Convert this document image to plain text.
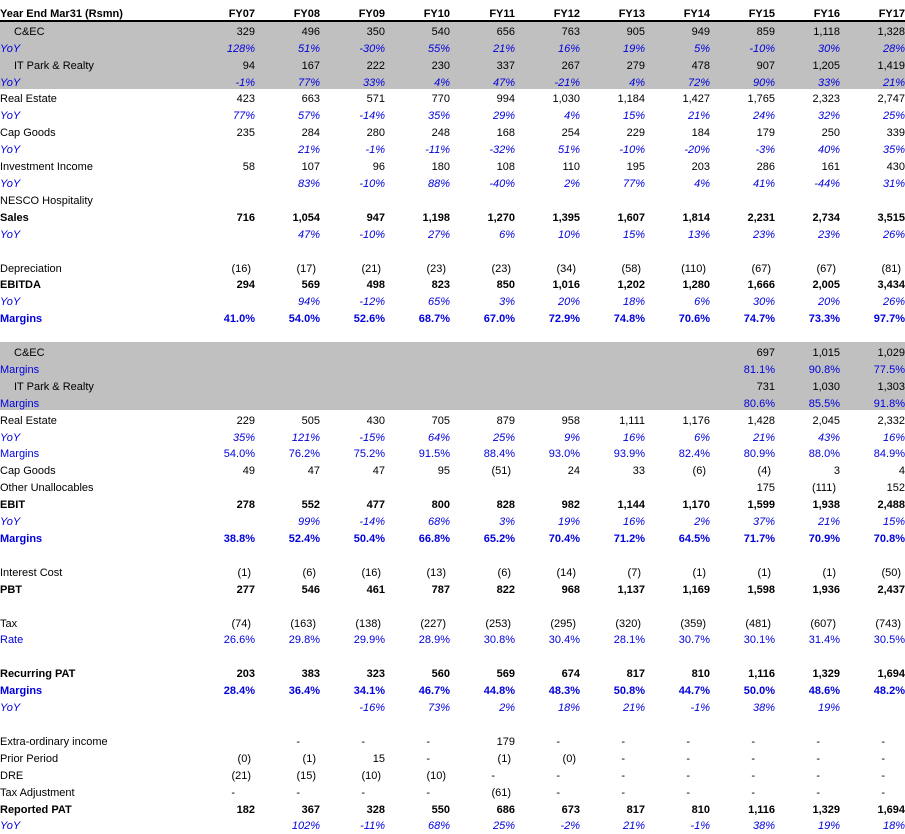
Year End Mar31 (Rsmn)	FY07	FY08	FY09	FY10	FY11	FY12	FY13	FY14	FY15	FY16	FY17
C&EC	329	496	350	540	656	763	905	949	859	1,118	1,328
YoY	128%	51%	-30%	55%	21%	16%	19%	5%	-10%	30%	28%
IT Park & Realty	94	167	222	230	337	267	279	478	907	1,205	1,419
YoY	-1%	77%	33%	4%	47%	-21%	4%	72%	90%	33%	21%
Real Estate	423	663	571	770	994	1,030	1,184	1,427	1,765	2,323	2,747
YoY	77%	57%	-14%	35%	29%	4%	15%	21%	24%	32%	25%
Cap Goods	235	284	280	248	168	254	229	184	179	250	339
YoY		21%	-1%	-11%	-32%	51%	-10%	-20%	-3%	40%	35%
Investment Income	58	107	96	180	108	110	195	203	286	161	430
YoY		83%	-10%	88%	-40%	2%	77%	4%	41%	-44%	31%
NESCO Hospitality											
Sales	716	1,054	947	1,198	1,270	1,395	1,607	1,814	2,231	2,734	3,515
YoY		47%	-10%	27%	6%	10%	15%	13%	23%	23%	26%

Depreciation	(16)	(17)	(21)	(23)	(23)	(34)	(58)	(110)	(67)	(67)	(81)
EBITDA	294	569	498	823	850	1,016	1,202	1,280	1,666	2,005	3,434
YoY		94%	-12%	65%	3%	20%	18%	6%	30%	20%	26%
Margins	41.0%	54.0%	52.6%	68.7%	67.0%	72.9%	74.8%	70.6%	74.7%	73.3%	97.7%

C&EC									697	1,015	1,029
Margins									81.1%	90.8%	77.5%
IT Park & Realty									731	1,030	1,303
Margins									80.6%	85.5%	91.8%
Real Estate	229	505	430	705	879	958	1,111	1,176	1,428	2,045	2,332
YoY	35%	121%	-15%	64%	25%	9%	16%	6%	21%	43%	16%
Margins	54.0%	76.2%	75.2%	91.5%	88.4%	93.0%	93.9%	82.4%	80.9%	88.0%	84.9%
Cap Goods	49	47	47	95	(51)	24	33	(6)	(4)	3	4
Other Unallocables									175	(111)	152
EBIT	278	552	477	800	828	982	1,144	1,170	1,599	1,938	2,488
YoY		99%	-14%	68%	3%	19%	16%	2%	37%	21%	15%
Margins	38.8%	52.4%	50.4%	66.8%	65.2%	70.4%	71.2%	64.5%	71.7%	70.9%	70.8%

Interest Cost	(1)	(6)	(16)	(13)	(6)	(14)	(7)	(1)	(1)	(1)	(50)
PBT	277	546	461	787	822	968	1,137	1,169	1,598	1,936	2,437

Tax	(74)	(163)	(138)	(227)	(253)	(295)	(320)	(359)	(481)	(607)	(743)
Rate	26.6%	29.8%	29.9%	28.9%	30.8%	30.4%	28.1%	30.7%	30.1%	31.4%	30.5%

Recurring PAT	203	383	323	560	569	674	817	810	1,116	1,329	1,694
Margins	28.4%	36.4%	34.1%	46.7%	44.8%	48.3%	50.8%	44.7%	50.0%	48.6%	48.2%
YoY			-16%	73%	2%	18%	21%	-1%	38%	19%	

Extra-ordinary income		-	-	-	179	-	-	-	-	-	-
Prior Period	(0)	(1)	15	-	(1)	(0)	-	-	-	-	-
DRE	(21)	(15)	(10)	(10)	-	-	-	-	-	-	-
Tax Adjustment	-	-	-	-	(61)	-	-	-	-	-	-
Reported PAT	182	367	328	550	686	673	817	810	1,116	1,329	1,694
YoY		102%	-11%	68%	25%	-2%	21%	-1%	38%	19%	18%
